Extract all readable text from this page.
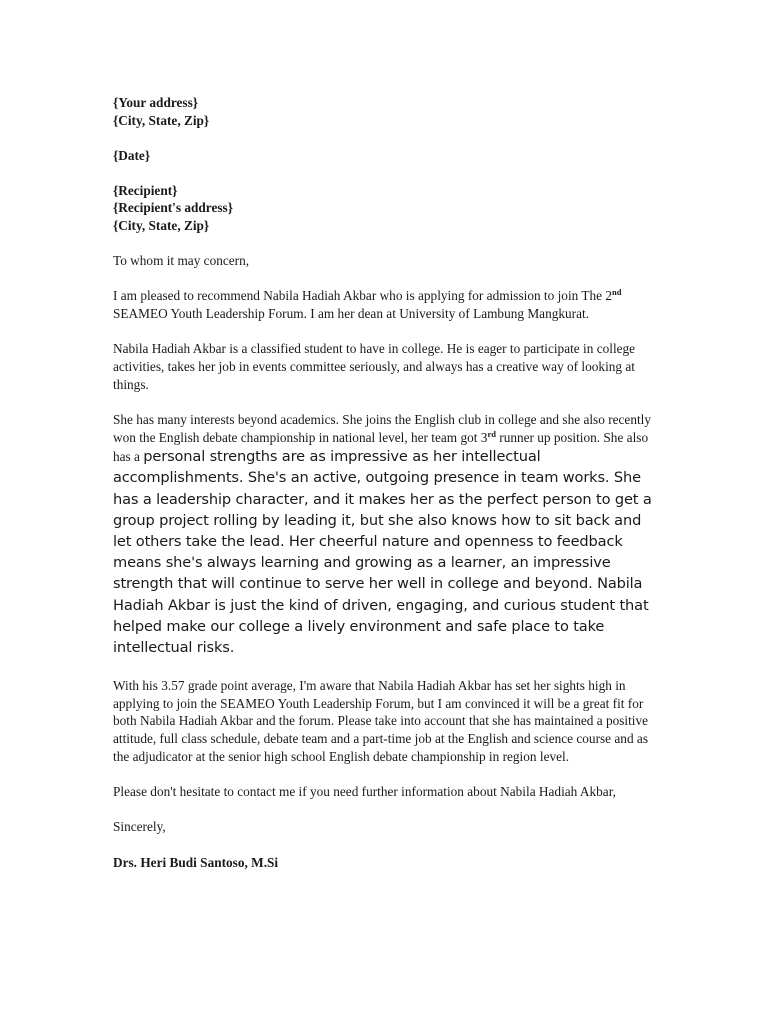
{Your address}
{City, State, Zip}
{Date}
{Recipient}
{Recipient's address}
{City, State, Zip}

To whom it may concern,

I am pleased to recommend Nabila Hadiah Akbar who is applying for admission to join The 2nd SEAMEO Youth Leadership Forum. I am her dean at University of Lambung Mangkurat.

Nabila Hadiah Akbar is a classified student to have in college. He is eager to participate in college activities, takes her job in events committee seriously, and always has a creative way of looking at things.

She has many interests beyond academics. She joins the English club in college and she also recently won the English debate championship in national level, her team got 3rd runner up position. She also has a personal strengths are as impressive as her intellectual accomplishments. She's an active, outgoing presence in team works. She has a leadership character, and it makes her as the perfect person to get a group project rolling by leading it, but she also knows how to sit back and let others take the lead. Her cheerful nature and openness to feedback means she's always learning and growing as a learner, an impressive strength that will continue to serve her well in college and beyond. Nabila Hadiah Akbar is just the kind of driven, engaging, and curious student that helped make our college a lively environment and safe place to take intellectual risks.

With his 3.57 grade point average, I'm aware that Nabila Hadiah Akbar has set her sights high in applying to join the SEAMEO Youth Leadership Forum, but I am convinced it will be a great fit for both Nabila Hadiah Akbar and the forum. Please take into account that she has maintained a positive attitude, full class schedule, debate team and a part-time job at the English and science course and as the adjudicator at the senior high school English debate championship in region level.

Please don't hesitate to contact me if you need further information about Nabila Hadiah Akbar,

Sincerely,

Drs. Heri Budi Santoso, M.Si
